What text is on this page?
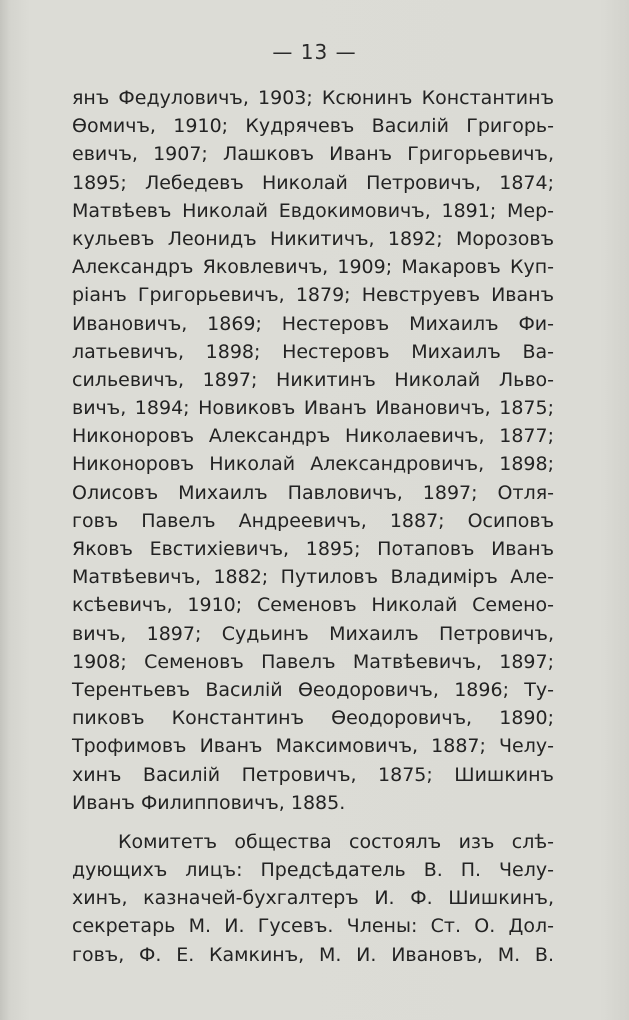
— 13 —
янъ Федуловичъ, 1903; Ксюнинъ Константинъ
Ѳомичъ, 1910; Кудрячевъ Василій Григорь-
евичъ, 1907; Лашковъ Иванъ Григорьевичъ,
1895; Лебедевъ Николай Петровичъ, 1874;
Матвѣевъ Николай Евдокимовичъ, 1891; Мер-
кульевъ Леонидъ Никитичъ, 1892; Морозовъ
Александръ Яковлевичъ, 1909; Макаровъ Куп-
ріанъ Григорьевичъ, 1879; Невструевъ Иванъ
Ивановичъ, 1869; Нестеровъ Михаилъ Фи-
латьевичъ, 1898; Нестеровъ Михаилъ Ва-
сильевичъ, 1897; Никитинъ Николай Льво-
вичъ, 1894; Новиковъ Иванъ Ивановичъ, 1875;
Никоноровъ Александръ Николаевичъ, 1877;
Никоноровъ Николай Александровичъ, 1898;
Олисовъ Михаилъ Павловичъ, 1897; Отля-
говъ Павелъ Андреевичъ, 1887; Осиповъ
Яковъ Евстихіевичъ, 1895; Потаповъ Иванъ
Матвѣевичъ, 1882; Путиловъ Владиміръ Але-
ксѣевичъ, 1910; Семеновъ Николай Семено-
вичъ, 1897; Судьинъ Михаилъ Петровичъ,
1908; Семеновъ Павелъ Матвѣевичъ, 1897;
Терентьевъ Василій Ѳеодоровичъ, 1896; Ту-
пиковъ Константинъ Ѳеодоровичъ, 1890;
Трофимовъ Иванъ Максимовичъ, 1887; Челу-
хинъ Василій Петровичъ, 1875; Шишкинъ
Иванъ Филипповичъ, 1885.
Комитетъ общества состоялъ изъ слѣ-
дующихъ лицъ: Предсѣдатель В. П. Челу-
хинъ, казначей-бухгалтеръ И. Ф. Шишкинъ,
секретарь М. И. Гусевъ. Члены: Ст. О. Дол-
говъ, Ф. Е. Камкинъ, М. И. Ивановъ, М. В.
